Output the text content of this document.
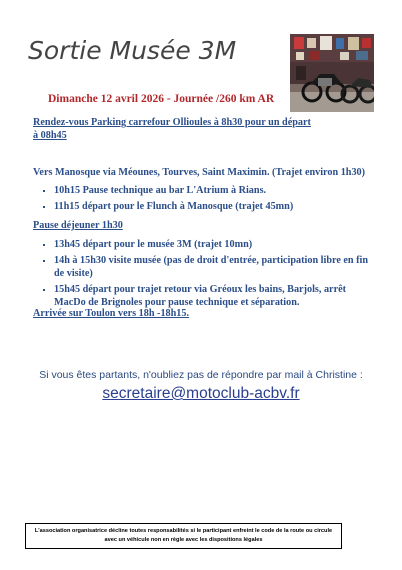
Sortie Musée 3M
Dimanche 12 avril 2026 - Journée /260 km AR
Rendez-vous Parking carrefour Ollioules à 8h30 pour un départ à 08h45
Vers Manosque via Méounes, Tourves, Saint Maximin. (Trajet environ 1h30)
▪ 10h15 Pause technique au bar L'Atrium à Rians.
▪ 11h15 départ pour le Flunch à Manosque (trajet 45mn)
Pause déjeuner 1h30
▪ 13h45 départ pour le musée 3M (trajet 10mn)
▪ 14h à 15h30 visite musée (pas de droit d'entrée, participation libre en fin de visite)
▪ 15h45 départ pour trajet retour via Gréoux les bains, Barjols, arrêt MacDo de Brignoles pour pause technique et séparation.
Arrivée sur Toulon vers 18h -18h15.
Si vous êtes partants, n'oubliez pas de répondre par mail à Christine :
secretaire@motoclub-acbv.fr
L'association organisatrice décline toutes responsabilités si le participant enfreint le code de la route ou circule avec un véhicule non en règle avec les dispositions légales
